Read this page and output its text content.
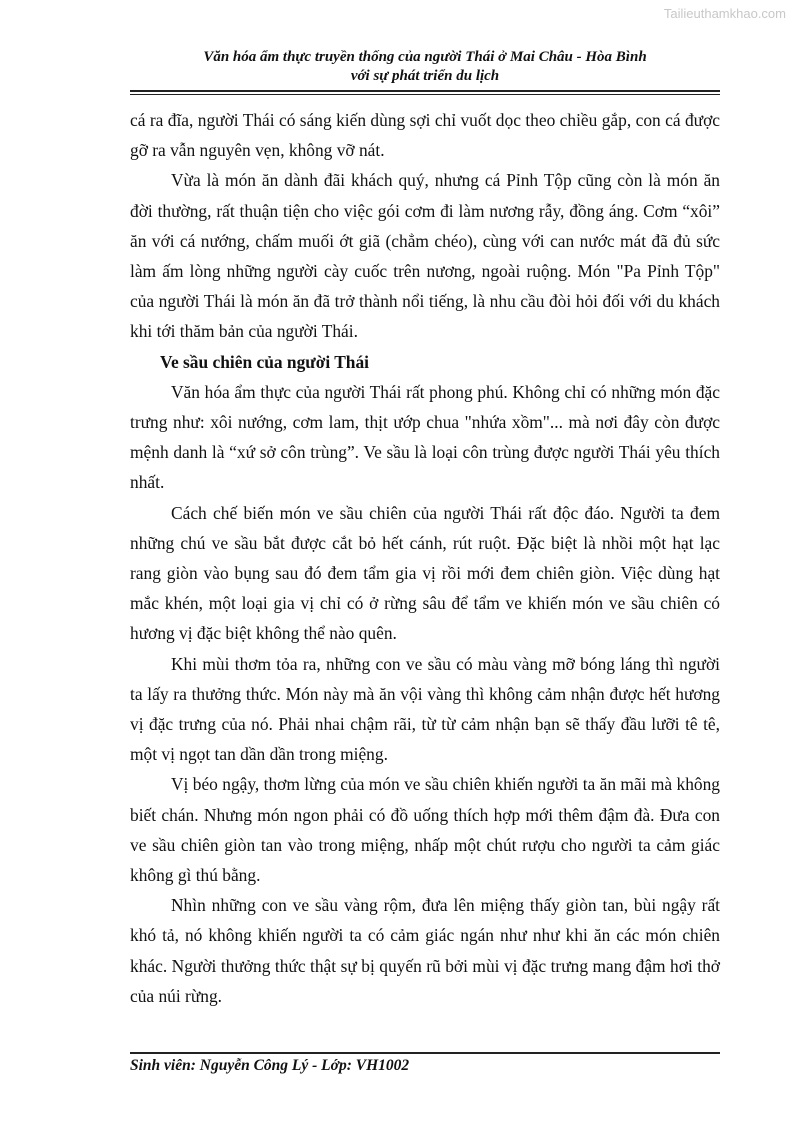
Tailieuthamkhao.com
Văn hóa ẩm thực truyền thống của người Thái ở Mai Châu - Hòa Bình
với sự phát triển du lịch

cá ra đĩa, người Thái có sáng kiến dùng sợi chỉ vuốt dọc theo chiều gắp, con cá được gỡ ra vẫn nguyên vẹn, không vỡ nát.

Vừa là món ăn dành đãi khách quý, nhưng cá Pỉnh Tộp cũng còn là món ăn đời thường, rất thuận tiện cho việc gói cơm đi làm nương rẫy, đồng áng. Cơm “xôi” ăn với cá nướng, chấm muối ớt giã (chẳm chéo), cùng với can nước mát đã đủ sức làm ấm lòng những người cày cuốc trên nương, ngoài ruộng. Món "Pa Pỉnh Tộp" của người Thái là món ăn đã trở thành nổi tiếng, là nhu cầu đòi hỏi đối với du khách khi tới thăm bản của người Thái.

Ve sầu chiên của người Thái

Văn hóa ẩm thực của người Thái rất phong phú. Không chỉ có những món đặc trưng như: xôi nướng, cơm lam, thịt ướp chua "nhứa xồm"... mà nơi đây còn được mệnh danh là “xứ sở côn trùng”. Ve sầu là loại côn trùng được người Thái yêu thích nhất.

Cách chế biến món ve sầu chiên của người Thái rất độc đáo. Người ta đem những chú ve sầu bắt được cắt bỏ hết cánh, rút ruột. Đặc biệt là nhồi một hạt lạc rang giòn vào bụng sau đó đem tẩm gia vị rồi mới đem chiên giòn. Việc dùng hạt mắc khén, một loại gia vị chỉ có ở rừng sâu để tẩm ve khiến món ve sầu chiên có hương vị đặc biệt không thể nào quên.

Khi mùi thơm tỏa ra, những con ve sầu có màu vàng mỡ bóng láng thì người ta lấy ra thưởng thức. Món này mà ăn vội vàng thì không cảm nhận được hết hương vị đặc trưng của nó. Phải nhai chậm rãi, từ từ cảm nhận bạn sẽ thấy đầu lưỡi tê tê, một vị ngọt tan dần dần trong miệng.

Vị béo ngậy, thơm lừng của món ve sầu chiên khiến người ta ăn mãi mà không biết chán. Nhưng món ngon phải có đồ uống thích hợp mới thêm đậm đà. Đưa con ve sầu chiên giòn tan vào trong miệng, nhấp một chút rượu cho người ta cảm giác không gì thú bằng.

Nhìn những con ve sầu vàng rộm, đưa lên miệng thấy giòn tan, bùi ngậy rất khó tả, nó không khiến người ta có cảm giác ngán như như khi ăn các món chiên khác. Người thưởng thức thật sự bị quyến rũ bởi mùi vị đặc trưng mang đậm hơi thở của núi rừng.

Sinh viên: Nguyễn Công Lý - Lớp: VH1002
